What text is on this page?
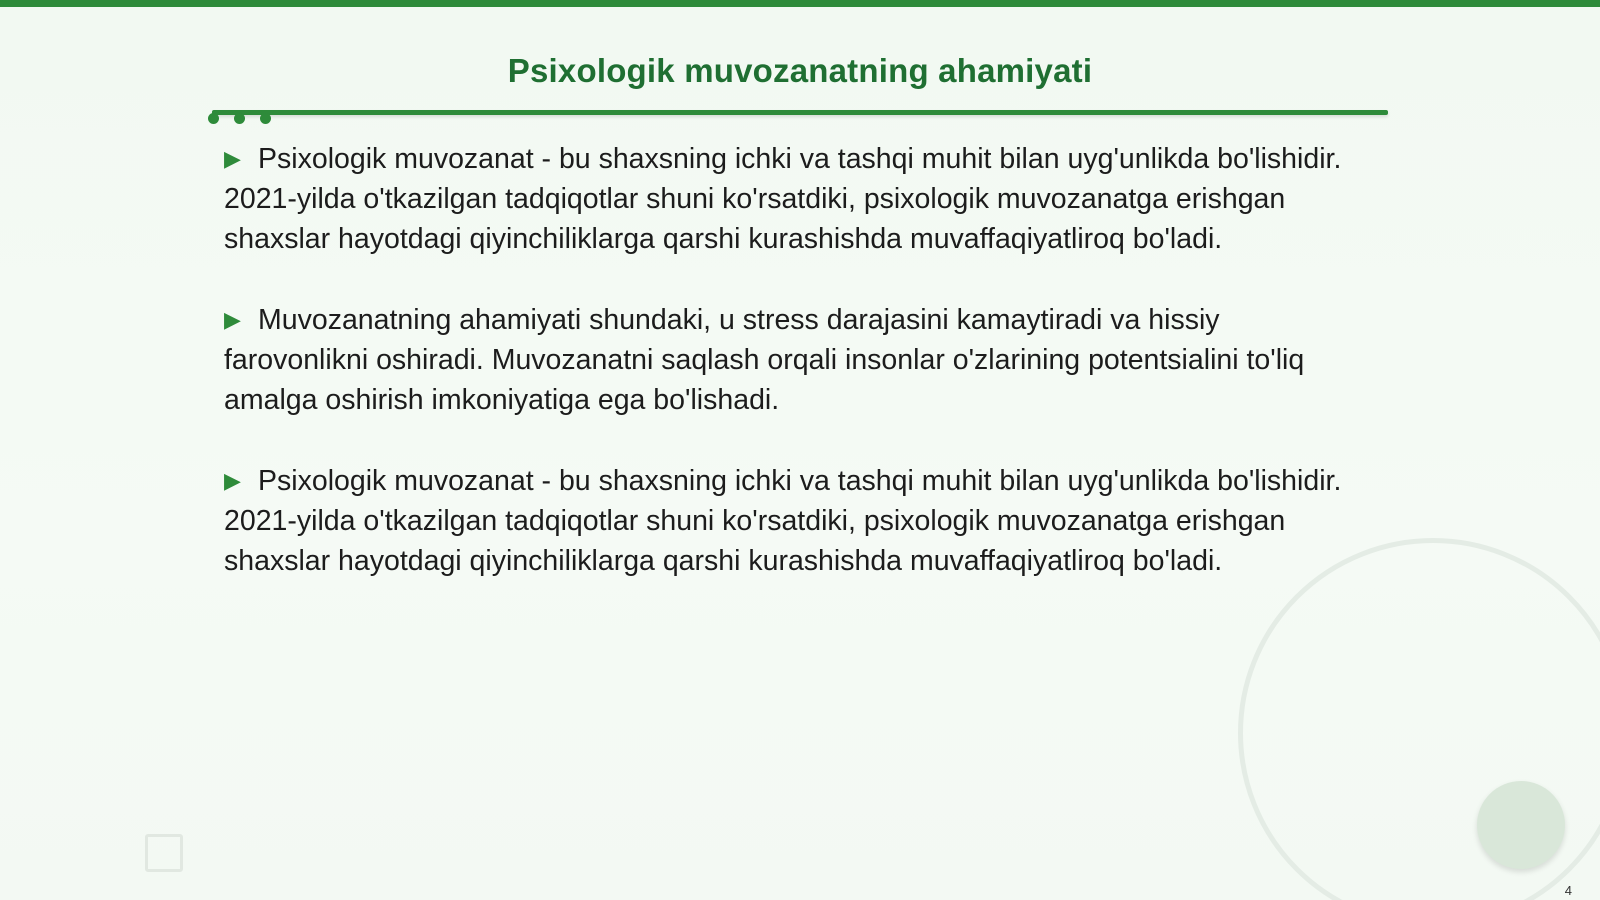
Psixologik muvozanatning ahamiyati

▶ Psixologik muvozanat - bu shaxsning ichki va tashqi muhit bilan uyg'unlikda bo'lishidir. 2021-yilda o'tkazilgan tadqiqotlar shuni ko'rsatdiki, psixologik muvozanatga erishgan shaxslar hayotdagi qiyinchiliklarga qarshi kurashishda muvaffaqiyatliroq bo'ladi.

▶ Muvozanatning ahamiyati shundaki, u stress darajasini kamaytiradi va hissiy farovonlikni oshiradi. Muvozanatni saqlash orqali insonlar o'zlarining potentsialini to'liq amalga oshirish imkoniyatiga ega bo'lishadi.

▶ Psixologik muvozanat - bu shaxsning ichki va tashqi muhit bilan uyg'unlikda bo'lishidir. 2021-yilda o'tkazilgan tadqiqotlar shuni ko'rsatdiki, psixologik muvozanatga erishgan shaxslar hayotdagi qiyinchiliklarga qarshi kurashishda muvaffaqiyatliroq bo'ladi.

4
